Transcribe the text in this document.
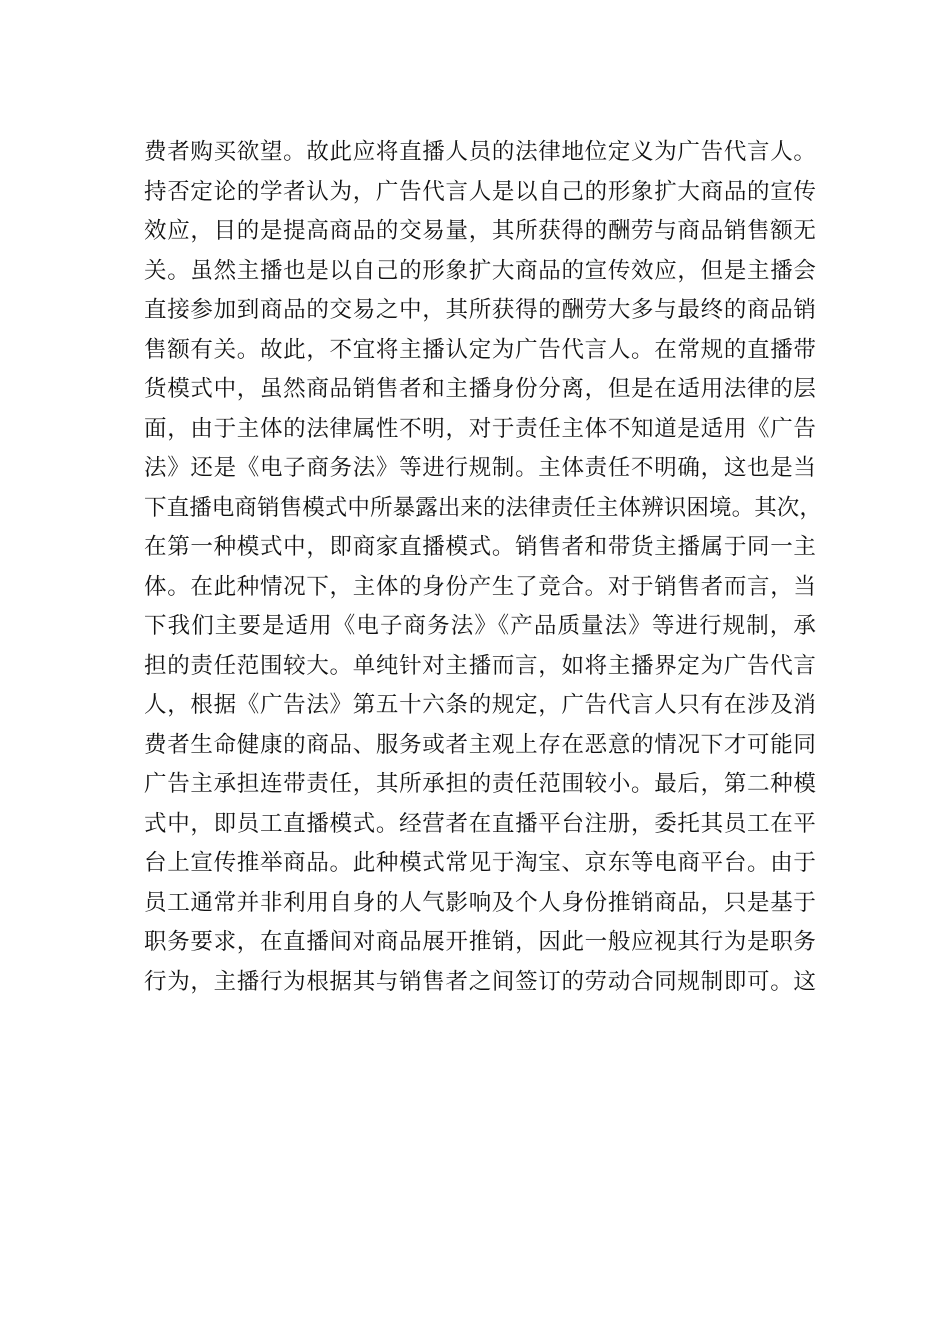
费者购买欲望。故此应将直播人员的法律地位定义为广告代言人。
持否定论的学者认为，广告代言人是以自己的形象扩大商品的宣传
效应，目的是提高商品的交易量，其所获得的酬劳与商品销售额无
关。虽然主播也是以自己的形象扩大商品的宣传效应，但是主播会
直接参加到商品的交易之中，其所获得的酬劳大多与最终的商品销
售额有关。故此，不宜将主播认定为广告代言人。在常规的直播带
货模式中，虽然商品销售者和主播身份分离，但是在适用法律的层
面，由于主体的法律属性不明，对于责任主体不知道是适用《广告
法》还是《电子商务法》等进行规制。主体责任不明确，这也是当
下直播电商销售模式中所暴露出来的法律责任主体辨识困境。其次，
在第一种模式中，即商家直播模式。销售者和带货主播属于同一主
体。在此种情况下，主体的身份产生了竞合。对于销售者而言，当
下我们主要是适用《电子商务法》《产品质量法》等进行规制，承
担的责任范围较大。单纯针对主播而言，如将主播界定为广告代言
人，根据《广告法》第五十六条的规定，广告代言人只有在涉及消
费者生命健康的商品、服务或者主观上存在恶意的情况下才可能同
广告主承担连带责任，其所承担的责任范围较小。最后，第二种模
式中，即员工直播模式。经营者在直播平台注册，委托其员工在平
台上宣传推举商品。此种模式常见于淘宝、京东等电商平台。由于
员工通常并非利用自身的人气影响及个人身份推销商品，只是基于
职务要求，在直播间对商品展开推销，因此一般应视其行为是职务
行为，主播行为根据其与销售者之间签订的劳动合同规制即可。这
